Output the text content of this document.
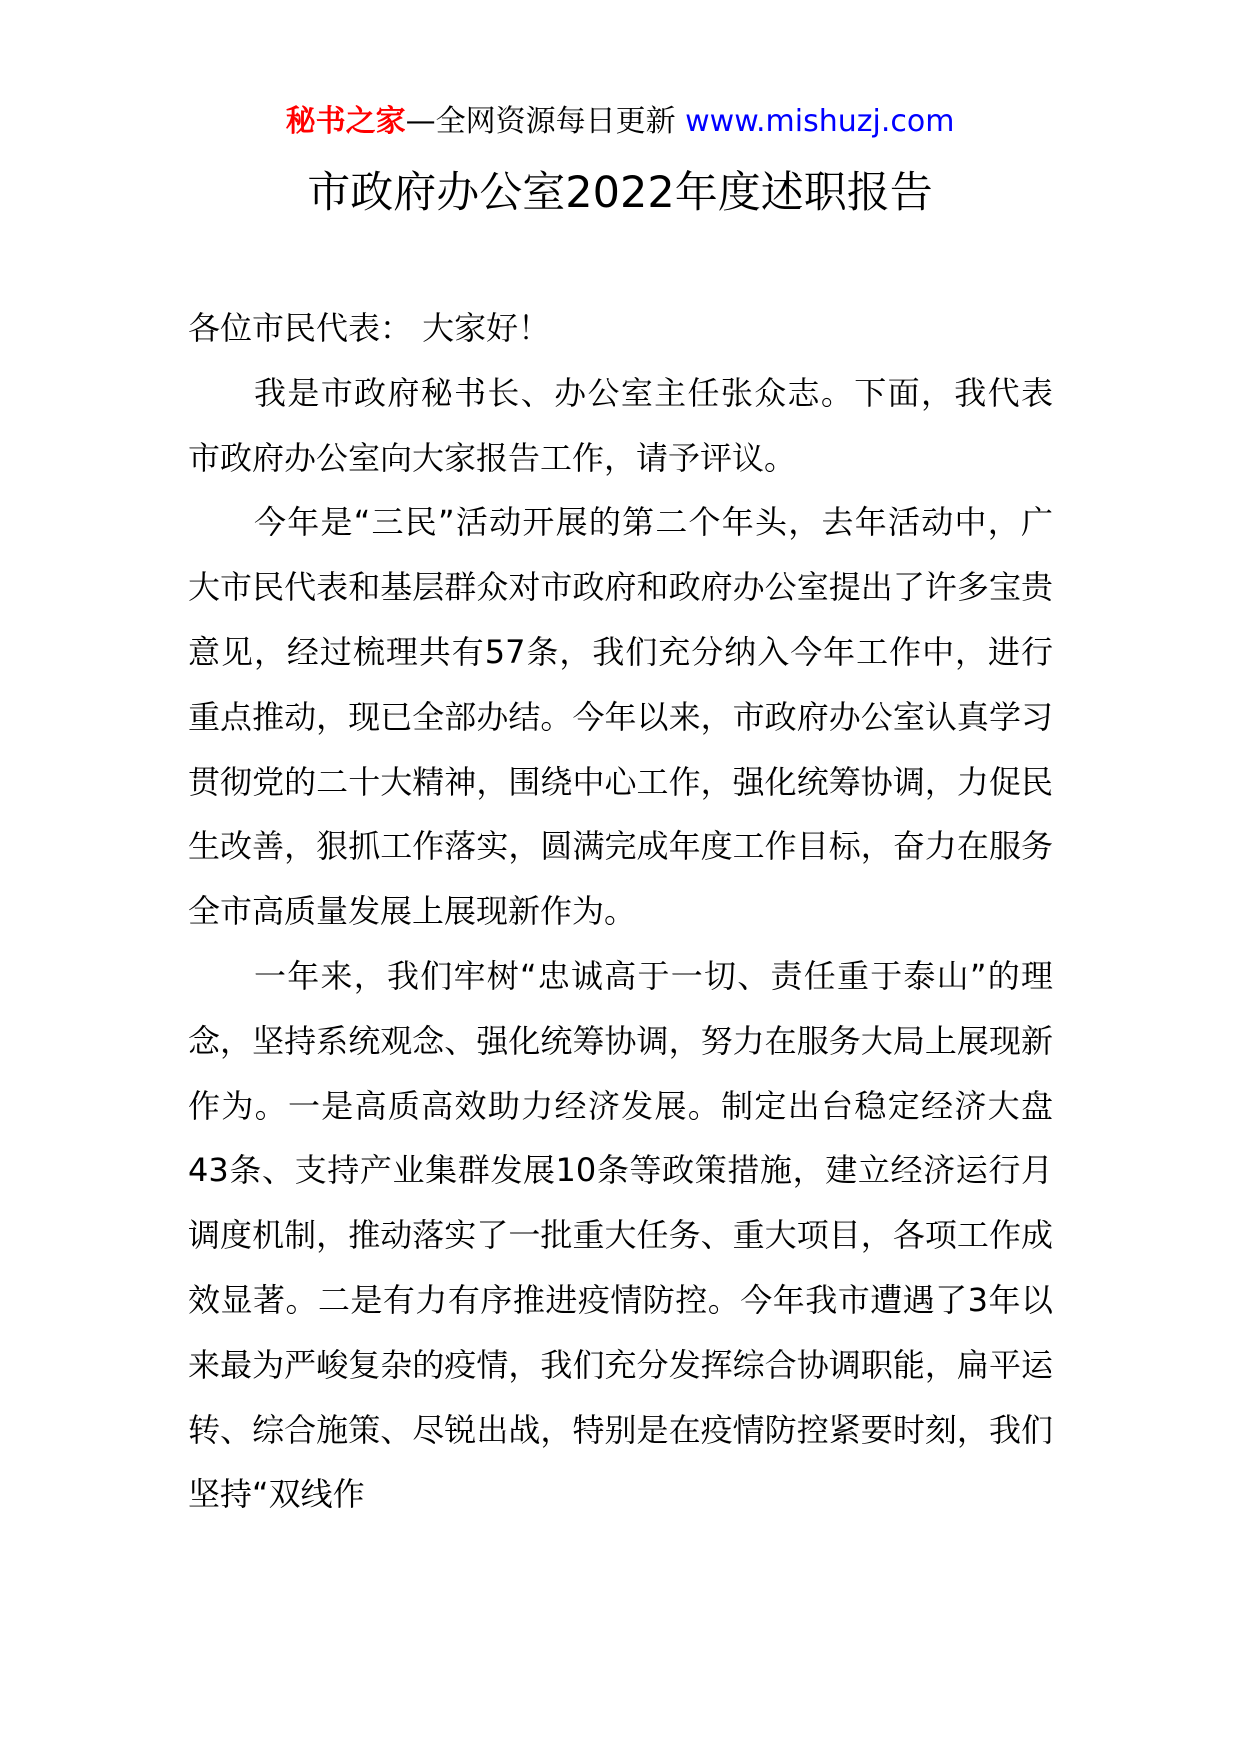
秘书之家—全网资源每日更新 www.mishuzj.com
市政府办公室2022年度述职报告

各位市民代表： 大家好！

我是市政府秘书长、办公室主任张众志。下面，我代表市政府办公室向大家报告工作，请予评议。

今年是“三民”活动开展的第二个年头，去年活动中，广大市民代表和基层群众对市政府和政府办公室提出了许多宝贵意见，经过梳理共有57条，我们充分纳入今年工作中，进行重点推动，现已全部办结。今年以来，市政府办公室认真学习贯彻党的二十大精神，围绕中心工作，强化统筹协调，力促民生改善，狠抓工作落实，圆满完成年度工作目标，奋力在服务全市高质量发展上展现新作为。

一年来，我们牢树“忠诚高于一切、责任重于泰山”的理念，坚持系统观念、强化统筹协调，努力在服务大局上展现新作为。一是高质高效助力经济发展。制定出台稳定经济大盘43条、支持产业集群发展10条等政策措施，建立经济运行月调度机制，推动落实了一批重大任务、重大项目，各项工作成效显著。二是有力有序推进疫情防控。今年我市遭遇了3年以来最为严峻复杂的疫情，我们充分发挥综合协调职能，扁平运转、综合施策、尽锐出战，特别是在疫情防控紧要时刻，我们坚持“双线作
